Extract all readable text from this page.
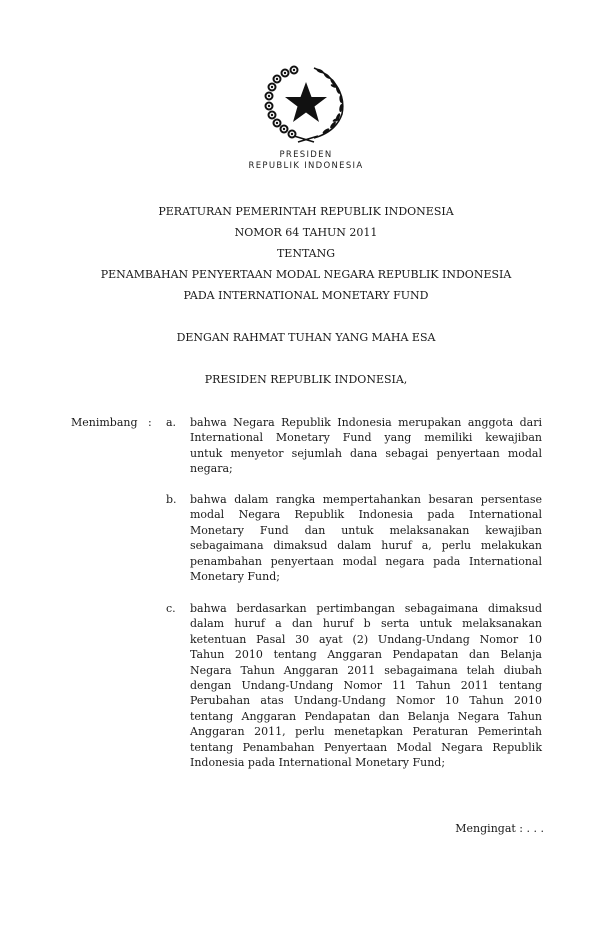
PRESIDEN
REPUBLIK INDONESIA
PERATURAN PEMERINTAH REPUBLIK INDONESIA
NOMOR 64 TAHUN 2011
TENTANG
PENAMBAHAN PENYERTAAN MODAL NEGARA REPUBLIK INDONESIA
PADA INTERNATIONAL MONETARY FUND
DENGAN RAHMAT TUHAN YANG MAHA ESA
PRESIDEN REPUBLIK INDONESIA,
Menimbang : a. bahwa Negara Republik Indonesia merupakan anggota dari
International Monetary Fund yang memiliki kewajiban
untuk menyetor sejumlah dana sebagai penyertaan modal
negara;
b. bahwa dalam rangka mempertahankan besaran persentase
modal Negara Republik Indonesia pada International
Monetary Fund dan untuk melaksanakan kewajiban
sebagaimana dimaksud dalam huruf a, perlu melakukan
penambahan penyertaan modal negara pada International
Monetary Fund;
c. bahwa berdasarkan pertimbangan sebagaimana dimaksud
dalam huruf a dan huruf b serta untuk melaksanakan
ketentuan Pasal 30 ayat (2) Undang-Undang Nomor 10
Tahun 2010 tentang Anggaran Pendapatan dan Belanja
Negara Tahun Anggaran 2011 sebagaimana telah diubah
dengan Undang-Undang Nomor 11 Tahun 2011 tentang
Perubahan atas Undang-Undang Nomor 10 Tahun 2010
tentang Anggaran Pendapatan dan Belanja Negara Tahun
Anggaran 2011, perlu menetapkan Peraturan Pemerintah
tentang Penambahan Penyertaan Modal Negara Republik
Indonesia pada International Monetary Fund;
Mengingat : . . .
